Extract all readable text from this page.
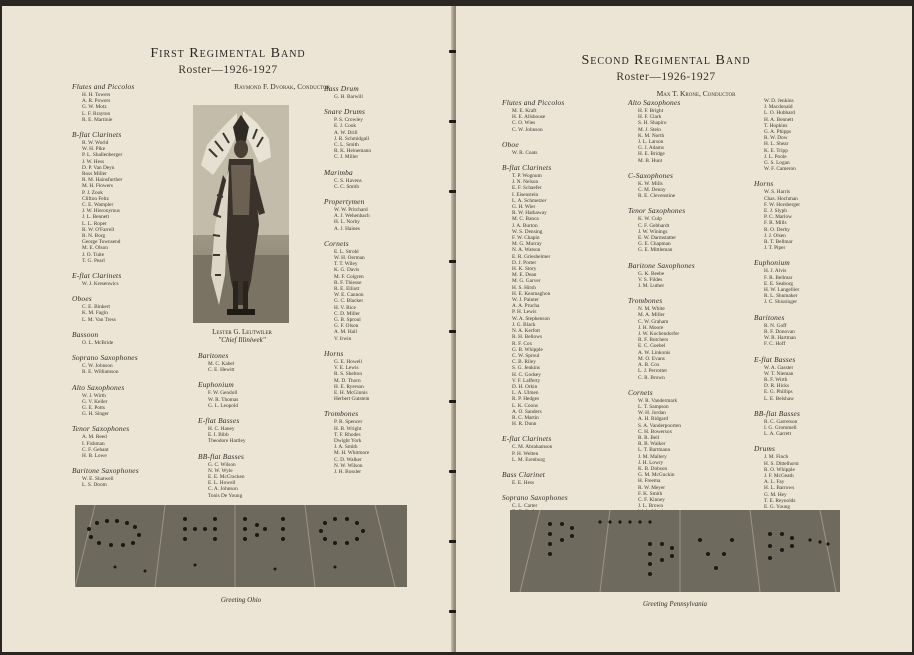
First Regimental Band
Roster—1926-1927
Raymond F. Dvorak, Conductor
Flutes and Piccolos
H. H. Towers
A. R. Powers
G. W. Motz
L. F. Brayton
R. E. Martinie
B-flat Clarinets
R. W. World
W. H. Pike
P. L. Shallenberger
J. W. Hess
D. P. Van Deyn
Ross Miller
R. M. Hainsfurther
M. H. Flowers
P. J. Zook
Clifton Feltz
C. E. Wampler
J. W. Hieronymus
J. L. Bennett
L. L. Roper
R. W. O'Farrell
R. N. Borg
George Townsend
M. E. Olson
J. O. Tuite
T. G. Pearl
E-flat Clarinets
W. J. Kresenwics
Oboes
C. E. Binkert
K. M. Fagin
L. M. Van Tress
Bassoon
O. L. McBride
Soprano Saxophones
C. W. Johnson
R. E. Williamson
Alto Saxophones
W. J. Wirth
G. V. Keller
G. E. Potts
G. H. Singer
Tenor Saxophones
A. M. Reed
I. Fishman
C. F. Gehant
H. B. Lowe
Baritone Saxophones
W. E. Shatwell
L. S. Doom
Baritones
M. C. Kabel
C. E. Hewitt
Euphonium
F. W. Gendoll
W. R. Thomas
G. L. Leopold
E-flat Basses
H. C. Haney
E. I. Bibb
Theodore Hartley
BB-flat Basses
G. C. Wilson
N. W. Wyle
E. E. McCracken
E. L. Howell
C. A. Johnson
Tonis De Young
Bass Drum
G. H. Barwill
Snare Drums
P. S. Crowley
E. J. Cook
A. W. Drill
J. R. Schmidgall
C. L. Smith
R. K. Heinemann
C. J. Miller
Marimba
C. S. Havens
C. C. Smith
Propertymen
W. W. Pritchard
A. J. Wehenbach
H. L. Norby
A. J. Haines
Cornets
E. L. Strohl
W. H. Oerman
T. T. Wiley
K. G. Davis
M. F. Colgren
R. F. Thiesse
R. E. Elliott
W. E. Cannon
G. C. Blacker
H. V. Rice
C. D. Miller
G. B. Sproul
G. F. Olson
A. M. Hall
V. Irwin
Horns
G. E. Howell
V. E. Lewis
R. S. Shelton
M. D. Thorn
H. E. Ryerson
E. H. McGinnis
Herbert Gutstein
Trombones
P. R. Spencer
H. B. Wright
T. F. Rhodes
Dwight York
J. A. Smith
M. H. Whitmore
C. D. Walker
N. W. Wilson
J. H. Bossler
Lester G. Leutwiler
"Chief Illiniwek"
Greeting Ohio
Second Regimental Band
Roster—1926-1927
Max T. Krone, Conductor
Flutes and Piccolos
M. E. Kraft
H. E. Allshouse
C. O. Wies
C. W. Johnson
Oboe
W. R. Coats
B-flat Clarinets
T. P. Wognum
J. N. Nelson
E. F. Schaefer
I. Eisenstein
L. A. Schmetzer
G. H. Wier
R. W. Hathaway
M. C. Banca
J. A. Burton
W. S. Densing
F. W. Chapin
M. G. Murray
N. A. Watson
E. R. Griesheimer
D. J. Porter
H. K. Story
M. E. Dean
M. G. Garver
H. S. Hirsh
H. E. Kearnaghon
W. J. Painter
A. A. Prucha
P. H. Lewis
W. A. Stephenson
J. G. Black
N. A. Kerfott
R. H. Bellows
R. F. Cox
G. B. Whipple
C. W. Sproul
C. B. Riley
S. G. Jenkins
H. C. Godsey
V. F. Lafferty
D. H. Orkin
L. A. Ulmen
R. P. Hedges
L. K. Coons
A. O. Sanders
R. C. Martin
H. R. Dunn
E-flat Clarinets
C. M. Abrahamson
P. H. Welten
L. M. Erenburg
Bass Clarinet
E. E. Hess
Soprano Saxophones
C. L. Carter
Alto Saxophones
H. F. Bright
H. F. Clark
S. H. Shapiro
M. J. Stein
K. M. North
J. L. Larson
G. J. Adams
H. E. Bridge
M. B. Hunt
C-Saxophones
K. W. Mills
C. M. Denny
R. E. Clevenstine
Tenor Saxophones
K. W. Culp
C. F. Gebhardt
J. W. Winings
E. W. Darmstatter
G. E. Chapman
G. E. Mittleman
Baritone Saxophones
G. K. Beebe
V. S. Fildes
J. M. Luther
Trombones
N. M. White
M. A. Miller
C. W. Graham
J. H. Moore
J. W. Kochendorfer
R. F. Botchers
E. C. Goebel
A. W. Linkonis
M. O. Evans
A. B. Cox
L. J. Perrottet
C. R. Brown
Cornets
W. R. Vandermark
L. T. Sampson
W. H. Jordan
A. H. Ridgard
S. A. Vanderpoorten
C. H. Bowersox
R. R. Bell
R. B. Walker
L. T. Bartmann
J. M. Mallery
J. H. Lowry
K. B. Dobson
G. M. McGuckin
H. Freema
R. W. Meyer
F. K. Smith
C. F. Kinney
J. L. Brown
W. D. Jenkins
J. Macdonald
L. O. Hubbard
H. A. Bennett
T. Hopkins
G. A. Phipps
R. W. Dow
H. L. Shear
K. E. Tripp
J. L. Poole
G. S. Logan
W. F. Cameron
Horns
W. S. Harris
Chas. Hochman
F. W. Horsberger
E. J. Slyph
P. C. Marlow
F. R. Mills
R. O. Derby
J. J. Olsen
R. T. Bellmar
J. T. Piper
Euphonium
H. J. Alvis
F. R. Bellmar
E. E. Seaborg
H. W. Langellier
R. L. Shumaker
J. C. Shissinger
Baritones
R. N. Goff
R. F. Donovan
W. R. Hartman
F. C. Hoff
E-flat Basses
W. A. Gasster
W. T. Nieman
R. F. Wirth
D. R. Hicks
E. G. Phillips
L. E. Belshaw
BB-flat Basses
R. C. Garretson
I. G. Grommell
L. A. Garrett
Drums
J. M. Finch
H. S. Dittelhorst
R. O. Whipple
J. F. McGeath
A. L. Fay
H. L. Barrows
G. M. Hey
T. E. Reynolds
E. G. Young
Greeting Pennsylvania
